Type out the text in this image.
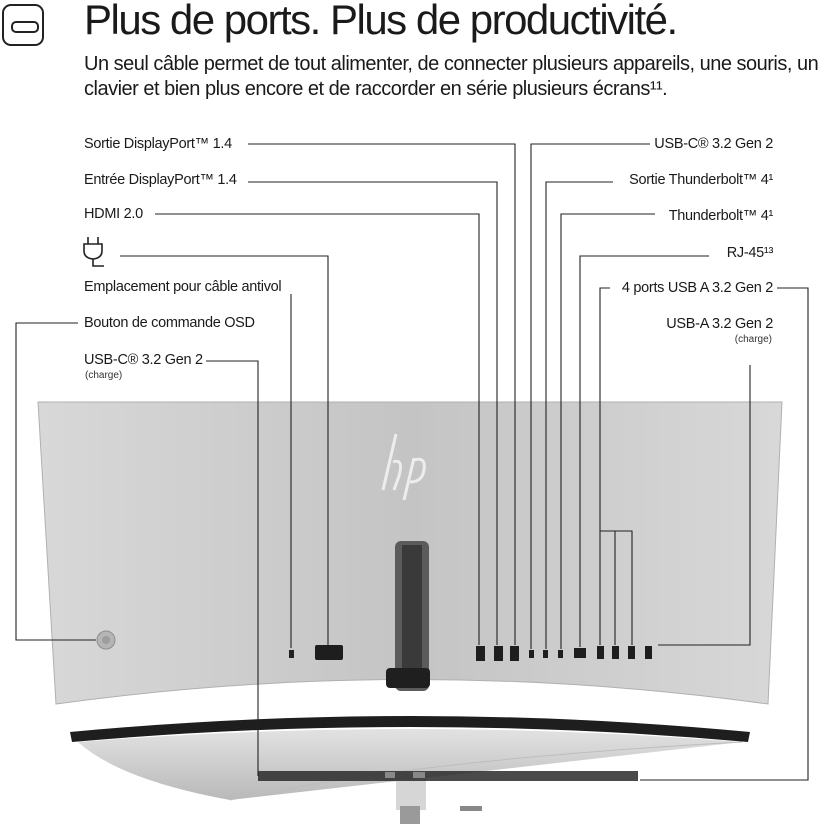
Plus de ports. Plus de productivité.

Un seul câble permet de tout alimenter, de connecter plusieurs appareils, une souris, un clavier et bien plus encore et de raccorder en série plusieurs écrans¹¹.

Sortie DisplayPort™ 1.4
Entrée DisplayPort™ 1.4
HDMI 2.0
Emplacement pour câble antivol
Bouton de commande OSD
USB-C® 3.2 Gen 2
(charge)
USB-C® 3.2 Gen 2
Sortie Thunderbolt™ 4¹
Thunderbolt™ 4¹
RJ-45¹³
4 ports USB A 3.2 Gen 2
USB-A 3.2 Gen 2
(charge)
